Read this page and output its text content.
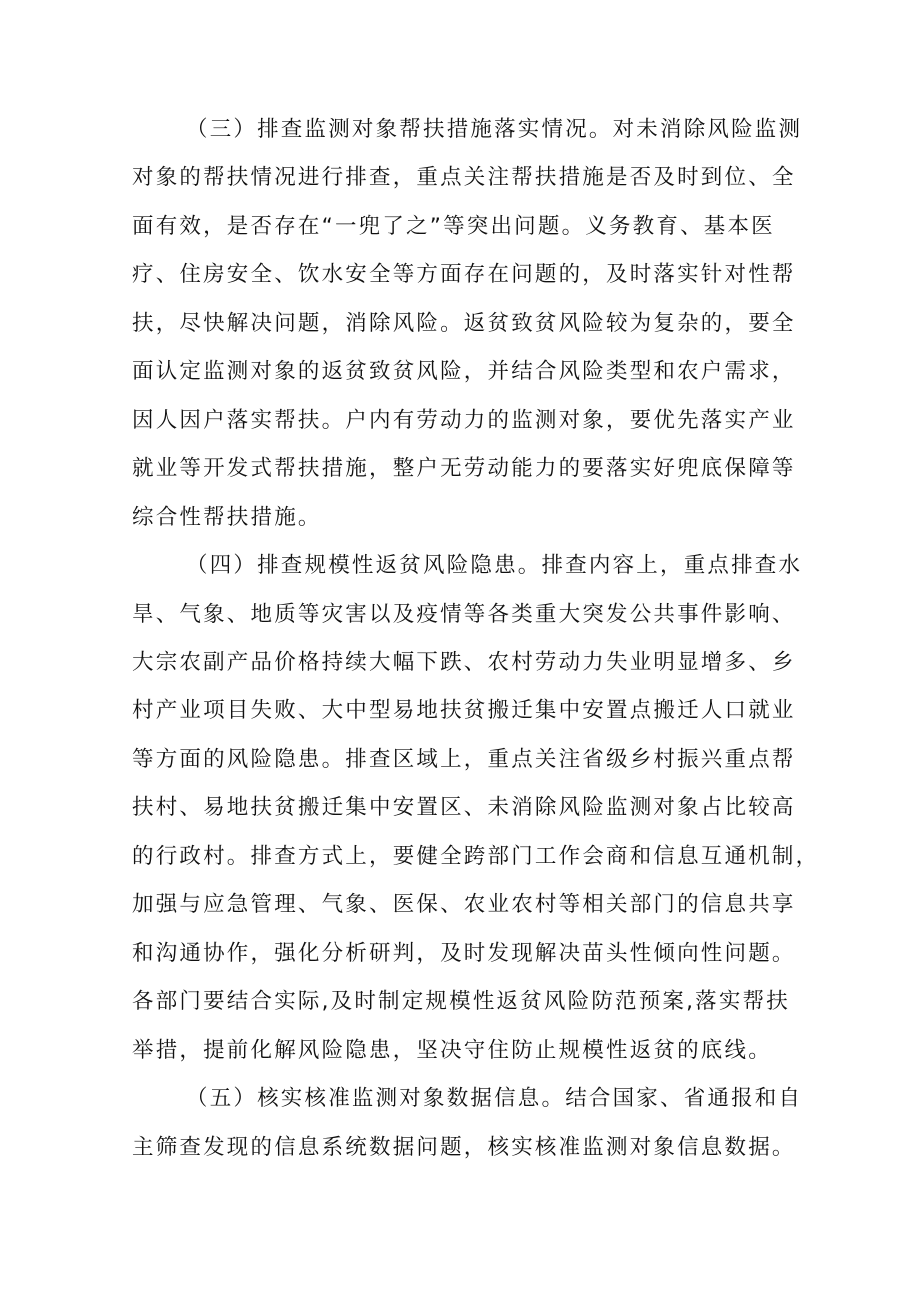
（三）排查监测对象帮扶措施落实情况。对未消除风险监测
对象的帮扶情况进行排查，重点关注帮扶措施是否及时到位、全
面有效，是否存在“一兜了之”等突出问题。义务教育、基本医
疗、住房安全、饮水安全等方面存在问题的，及时落实针对性帮
扶，尽快解决问题，消除风险。返贫致贫风险较为复杂的，要全
面认定监测对象的返贫致贫风险，并结合风险类型和农户需求，
因人因户落实帮扶。户内有劳动力的监测对象，要优先落实产业
就业等开发式帮扶措施，整户无劳动能力的要落实好兜底保障等
综合性帮扶措施。
（四）排查规模性返贫风险隐患。排查内容上，重点排查水
旱、气象、地质等灾害以及疫情等各类重大突发公共事件影响、
大宗农副产品价格持续大幅下跌、农村劳动力失业明显增多、乡
村产业项目失败、大中型易地扶贫搬迁集中安置点搬迁人口就业
等方面的风险隐患。排查区域上，重点关注省级乡村振兴重点帮
扶村、易地扶贫搬迁集中安置区、未消除风险监测对象占比较高
的行政村。排查方式上，要健全跨部门工作会商和信息互通机制，
加强与应急管理、气象、医保、农业农村等相关部门的信息共享
和沟通协作，强化分析研判，及时发现解决苗头性倾向性问题。
各部门要结合实际,及时制定规模性返贫风险防范预案,落实帮扶
举措，提前化解风险隐患，坚决守住防止规模性返贫的底线。
（五）核实核准监测对象数据信息。结合国家、省通报和自
主筛查发现的信息系统数据问题，核实核准监测对象信息数据。
